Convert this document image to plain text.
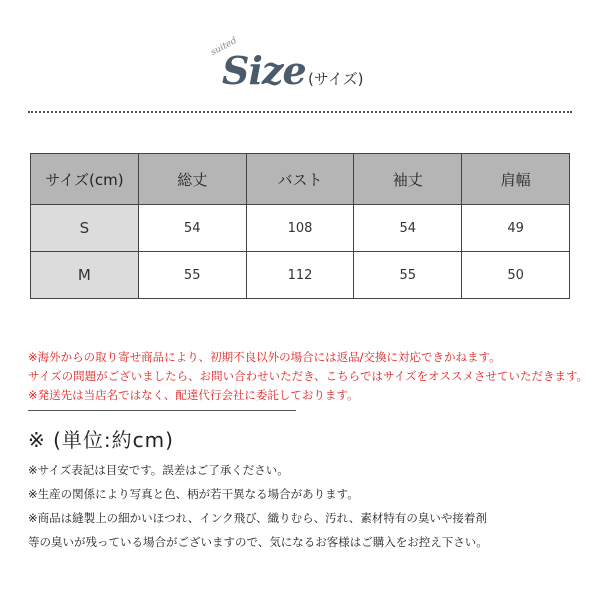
suited
Size (サイズ)
サイズ(cm)	総丈	バスト	袖丈	肩幅
S	54	108	54	49
M	55	112	55	50
※海外からの取り寄せ商品により、初期不良以外の場合には返品/交換に対応できかねます。
サイズの問題がございましたら、お問い合わせいただき、こちらではサイズをオススメさせていただきます。
※発送先は当店名ではなく、配達代行会社に委託しております。
※ (単位:約cm)
※サイズ表記は目安です。誤差はご了承ください。
※生産の関係により写真と色、柄が若干異なる場合があります。
※商品は縫製上の細かいほつれ、インク飛び、織りむら、汚れ、素材特有の臭いや接着剤
等の臭いが残っている場合がございますので、気になるお客様はご購入をお控え下さい。
